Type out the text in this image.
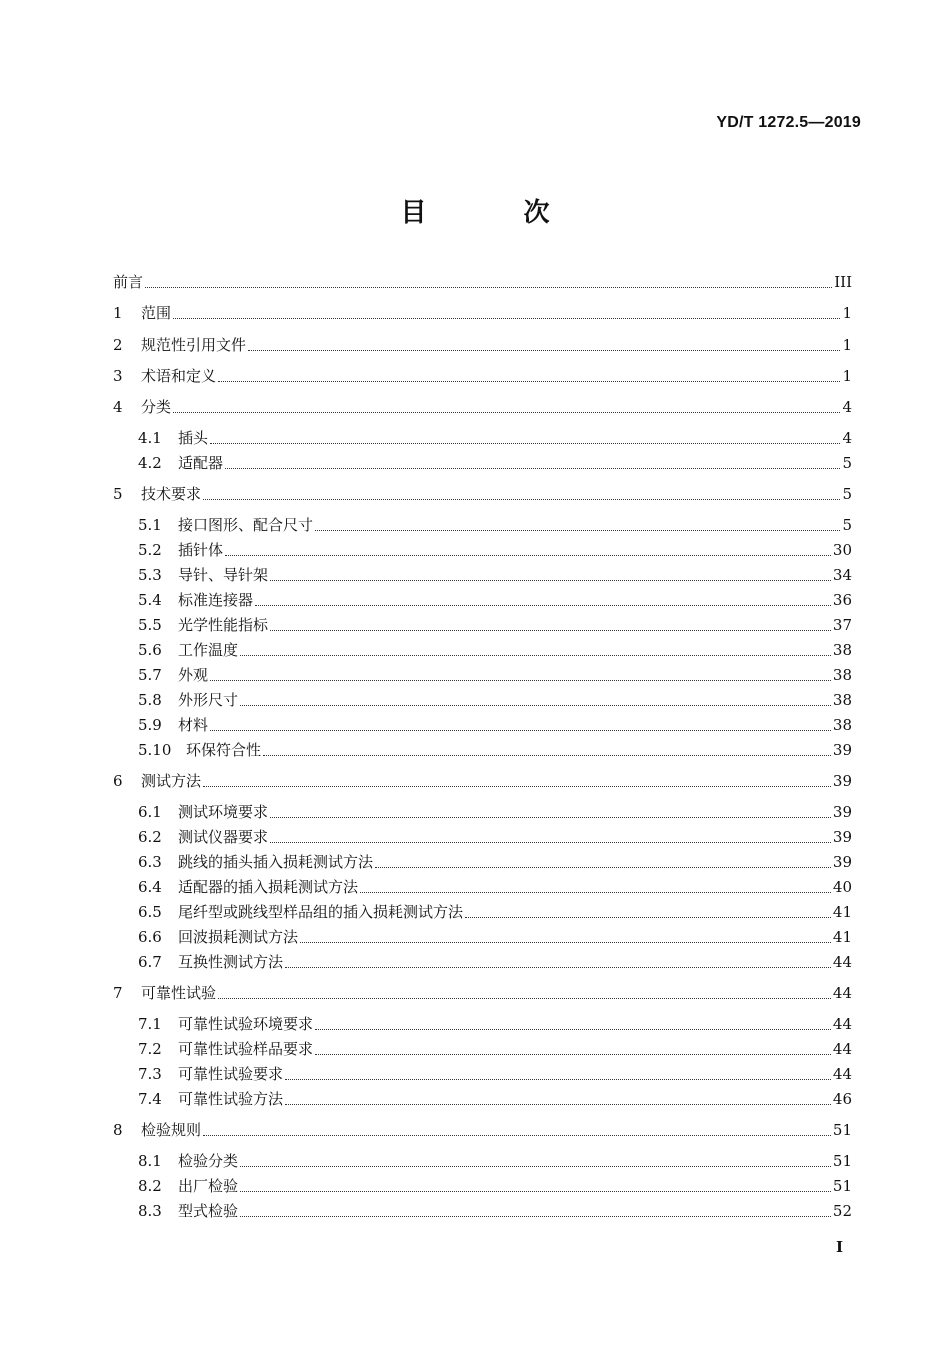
YD/T 1272.5—2019
目 次
前言	III
1	范围	1
2	规范性引用文件	1
3	术语和定义	1
4	分类	4
4.1	插头	4
4.2	适配器	5
5	技术要求	5
5.1	接口图形、配合尺寸	5
5.2	插针体	30
5.3	导针、导针架	34
5.4	标准连接器	36
5.5	光学性能指标	37
5.6	工作温度	38
5.7	外观	38
5.8	外形尺寸	38
5.9	材料	38
5.10 环保符合性	39
6	测试方法	39
6.1	测试环境要求	39
6.2	测试仪器要求	39
6.3	跳线的插头插入损耗测试方法	39
6.4	适配器的插入损耗测试方法	40
6.5	尾纤型或跳线型样品组的插入损耗测试方法	41
6.6	回波损耗测试方法	41
6.7	互换性测试方法	44
7	可靠性试验	44
7.1	可靠性试验环境要求	44
7.2	可靠性试验样品要求	44
7.3	可靠性试验要求	44
7.4	可靠性试验方法	46
8	检验规则	51
8.1	检验分类	51
8.2	出厂检验	51
8.3	型式检验	52
I
